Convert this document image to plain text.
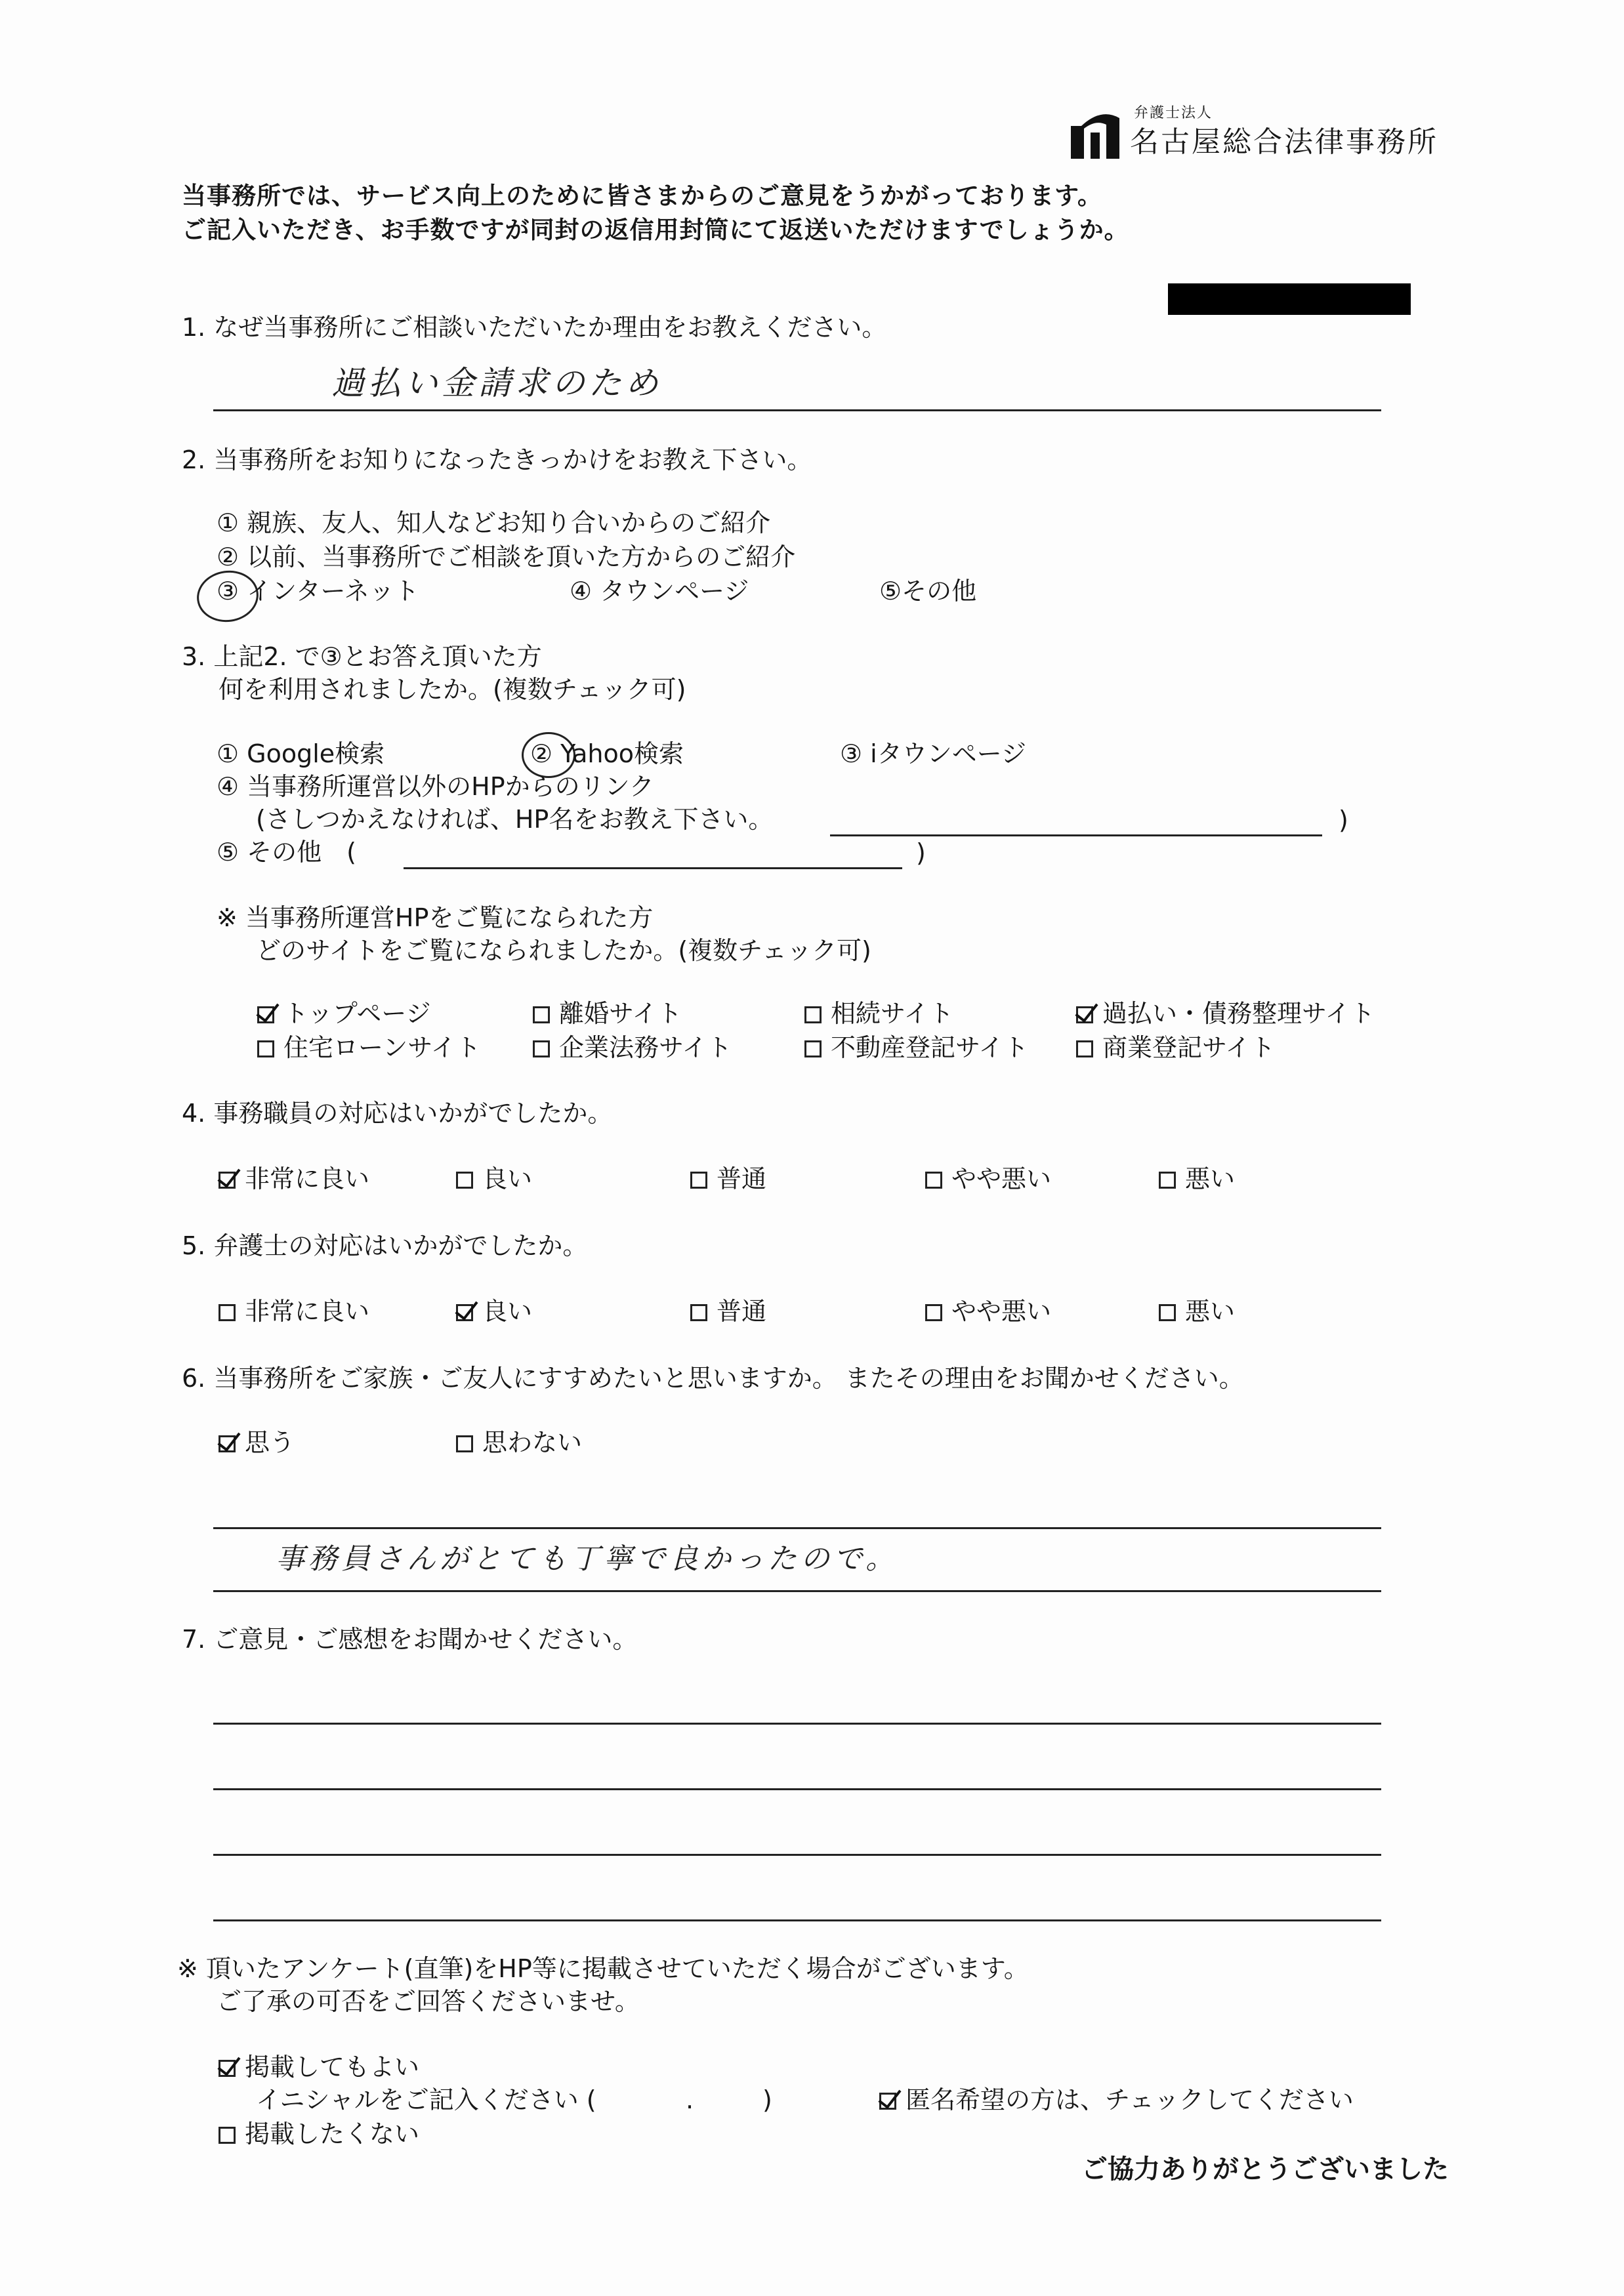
弁護士法人
名古屋総合法律事務所
当事務所では、サービス向上のために皆さまからのご意見をうかがっております。
ご記入いただき、お手数ですが同封の返信用封筒にて返送いただけますでしょうか。
1. なぜ当事務所にご相談いただいたか理由をお教えください。
過払い金請求のため
2. 当事務所をお知りになったきっかけをお教え下さい。
① 親族、友人、知人などお知り合いからのご紹介
② 以前、当事務所でご相談を頂いた方からのご紹介
③ インターネット	④ タウンページ	⑤その他
3. 上記2. で③とお答え頂いた方
何を利用されましたか。(複数チェック可)
① Google検索	② Yahoo検索	③ iタウンページ
④ 当事務所運営以外のHPからのリンク
(さしつかえなければ、HP名をお教え下さい。	)
⑤ その他　(	)
※ 当事務所運営HPをご覧になられた方
どのサイトをご覧になられましたか。(複数チェック可)
トップページ	離婚サイト	相続サイト	過払い・債務整理サイト
住宅ローンサイト	企業法務サイト	不動産登記サイト	商業登記サイト
4. 事務職員の対応はいかがでしたか。
非常に良い	良い	普通	やや悪い	悪い
5. 弁護士の対応はいかがでしたか。
非常に良い	良い	普通	やや悪い	悪い
6. 当事務所をご家族・ご友人にすすめたいと思いますか。 またその理由をお聞かせください。
思う	思わない
事務員さんがとても丁寧で良かったので。
7. ご意見・ご感想をお聞かせください。
※ 頂いたアンケート(直筆)をHP等に掲載させていただく場合がございます。
ご了承の可否をご回答くださいませ。
掲載してもよい
イニシャルをご記入ください (	.	)	匿名希望の方は、チェックしてください
掲載したくない
ご協力ありがとうございました
